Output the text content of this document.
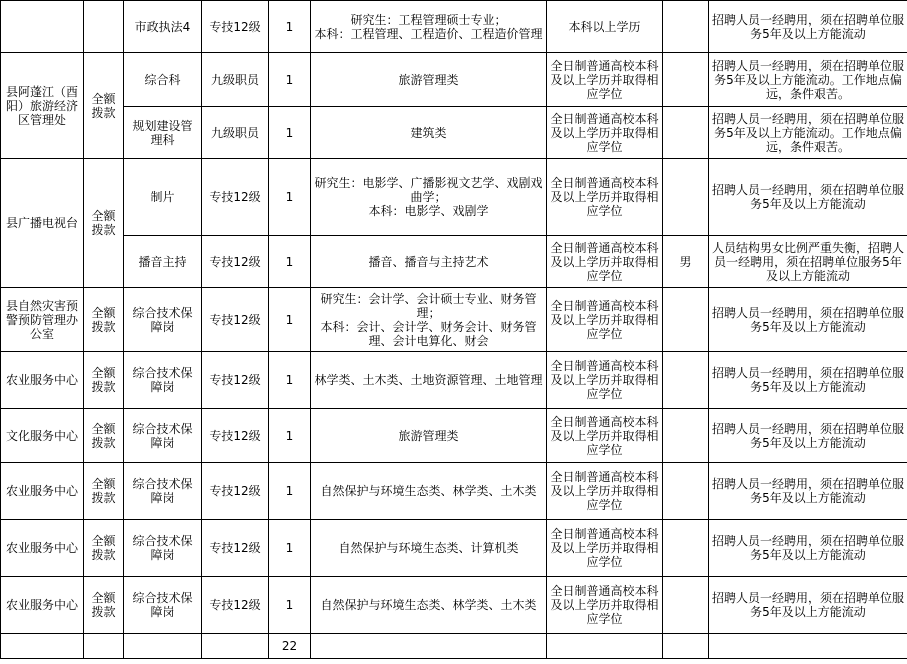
		市政执法4	专技12级	1	研究生：工程管理硕士专业；
本科：工程管理、工程造价、工程造价管理	本科以上学历		招聘人员一经聘用，须在招聘单位服务5年及以上方能流动
县阿蓬江（酉阳）旅游经济区管理处	全额拨款	综合科	九级职员	1	旅游管理类	全日制普通高校本科及以上学历并取得相应学位		招聘人员一经聘用，须在招聘单位服务5年及以上方能流动。工作地点偏远，条件艰苦。
		规划建设管理科	九级职员	1	建筑类	全日制普通高校本科及以上学历并取得相应学位		招聘人员一经聘用，须在招聘单位服务5年及以上方能流动。工作地点偏远，条件艰苦。
县广播电视台	全额拨款	制片	专技12级	1	研究生：电影学、广播影视文艺学、戏剧戏曲学；
本科：电影学、戏剧学	全日制普通高校本科及以上学历并取得相应学位		招聘人员一经聘用，须在招聘单位服务5年及以上方能流动
		播音主持	专技12级	1	播音、播音与主持艺术	全日制普通高校本科及以上学历并取得相应学位	男	人员结构男女比例严重失衡，招聘人员一经聘用，须在招聘单位服务5年及以上方能流动
县自然灾害预警预防管理办公室	全额拨款	综合技术保障岗	专技12级	1	研究生：会计学、会计硕士专业、财务管理；
本科：会计、会计学、财务会计、财务管理、会计电算化、财会	全日制普通高校本科及以上学历并取得相应学位		招聘人员一经聘用，须在招聘单位服务5年及以上方能流动
农业服务中心	全额拨款	综合技术保障岗	专技12级	1	林学类、土木类、土地资源管理、土地管理	全日制普通高校本科及以上学历并取得相应学位		招聘人员一经聘用，须在招聘单位服务5年及以上方能流动
文化服务中心	全额拨款	综合技术保障岗	专技12级	1	旅游管理类	全日制普通高校本科及以上学历并取得相应学位		招聘人员一经聘用，须在招聘单位服务5年及以上方能流动
农业服务中心	全额拨款	综合技术保障岗	专技12级	1	自然保护与环境生态类、林学类、土木类	全日制普通高校本科及以上学历并取得相应学位		招聘人员一经聘用，须在招聘单位服务5年及以上方能流动
农业服务中心	全额拨款	综合技术保障岗	专技12级	1	自然保护与环境生态类、计算机类	全日制普通高校本科及以上学历并取得相应学位		招聘人员一经聘用，须在招聘单位服务5年及以上方能流动
农业服务中心	全额拨款	综合技术保障岗	专技12级	1	自然保护与环境生态类、林学类、土木类	全日制普通高校本科及以上学历并取得相应学位		招聘人员一经聘用，须在招聘单位服务5年及以上方能流动
				22				
